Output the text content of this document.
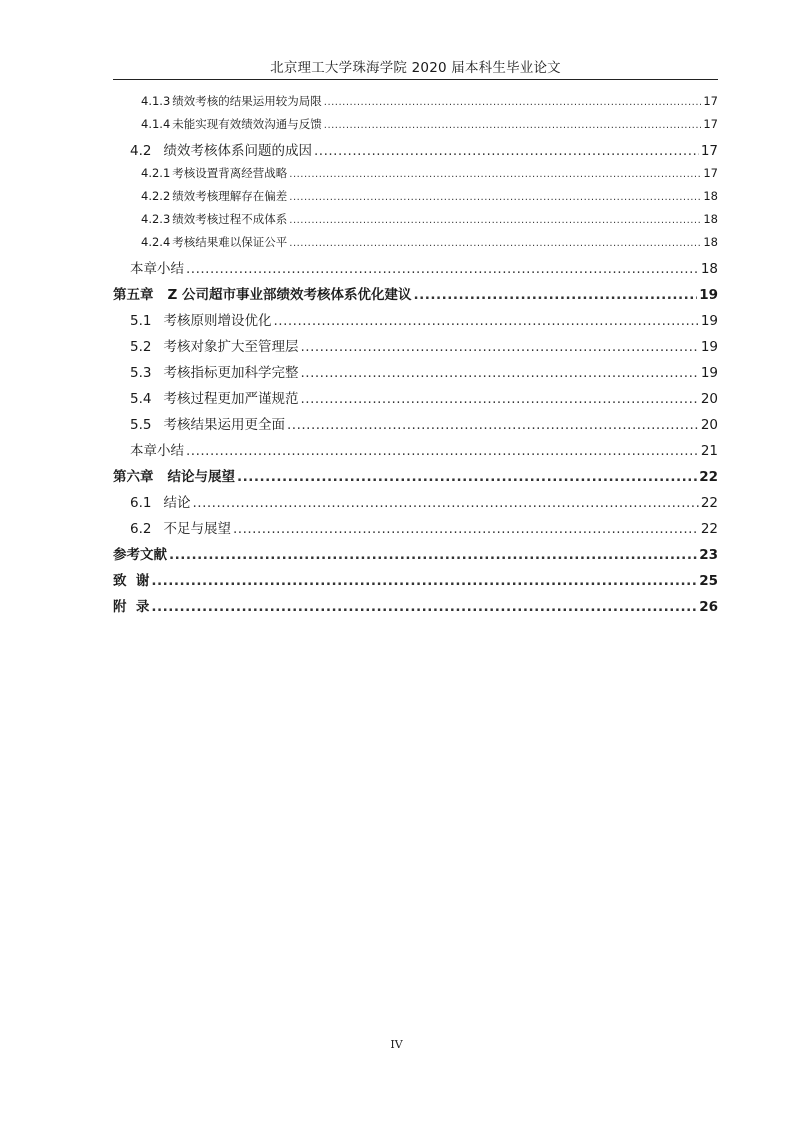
北京理工大学珠海学院 2020 届本科生毕业论文
4.1.3 绩效考核的结果运用较为局限 .....	17
4.1.4 未能实现有效绩效沟通与反馈 .....	17
4.2 绩效考核体系问题的成因 .....	17
4.2.1 考核设置背离经营战略 .....	17
4.2.2 绩效考核理解存在偏差 .....	18
4.2.3 绩效考核过程不成体系 .....	18
4.2.4 考核结果难以保证公平 .....	18
本章小结 .....	18
第五章 Z 公司超市事业部绩效考核体系优化建议 .....	19
5.1 考核原则增设优化 .....	19
5.2 考核对象扩大至管理层 .....	19
5.3 考核指标更加科学完整 .....	19
5.4 考核过程更加严谨规范 .....	20
5.5 考核结果运用更全面 .....	20
本章小结 .....	21
第六章 结论与展望 .....	22
6.1 结论 .....	22
6.2 不足与展望 .....	22
参考文献 .....	23
致  谢 .....	25
附  录 .....	26
IV
